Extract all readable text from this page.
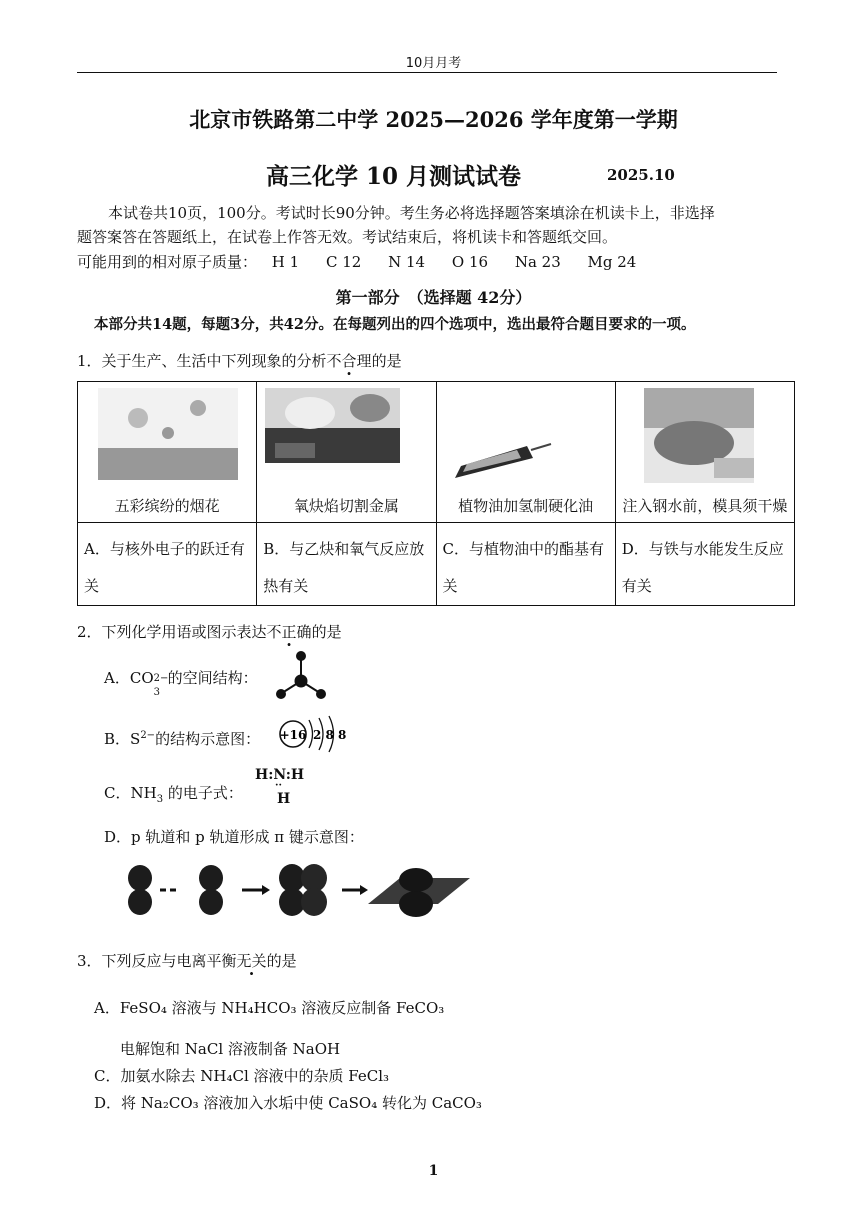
10月月考
北京市铁路第二中学 2025—2026 学年度第一学期
高三化学 10 月测试试卷	2025.10
本试卷共10页，100分。考试时长90分钟。考生务必将选择题答案填涂在机读卡上，非选择
题答案答在答题纸上，在试卷上作答无效。考试结束后，将机读卡和答题纸交回。
可能用到的相对原子质量： H 1 C 12 N 14 O 16 Na 23 Mg 24
第一部分　（选择题 42分）
本部分共14题，每题3分，共42分。在每题列出的四个选项中，选出最符合题目要求的一项。
1．关于生产、生活中下列现象的分析不合理的是
五彩缤纷的烟花	氧炔焰切割金属	植物油加氢制硬化油	注入钢水前，模具须干燥

A．与核外电子的跃迁有关	B．与乙炔和氧气反应放热有关	C．与植物油中的酯基有关	D．与铁与水能发生反应有关
2．下列化学用语或图示表达不正确的是
A．CO 2−
3
的空间结构：
B．$S^{2-}$的结构示意图： +16 2 8 8
C．$NH_3$ 的电子式：
H:N:H
··
H
D．p 轨道和 p 轨道形成 π 键示意图：
3．下列反应与电离平衡无关的是
A．FeSO₄ 溶液与 NH₄HCO₃ 溶液反应制备 FeCO₃
电解饱和 NaCl 溶液制备 NaOH
C．加氨水除去 NH₄Cl 溶液中的杂质 FeCl₃
D．将 Na₂CO₃ 溶液加入水垢中使 CaSO₄ 转化为 CaCO₃
1
